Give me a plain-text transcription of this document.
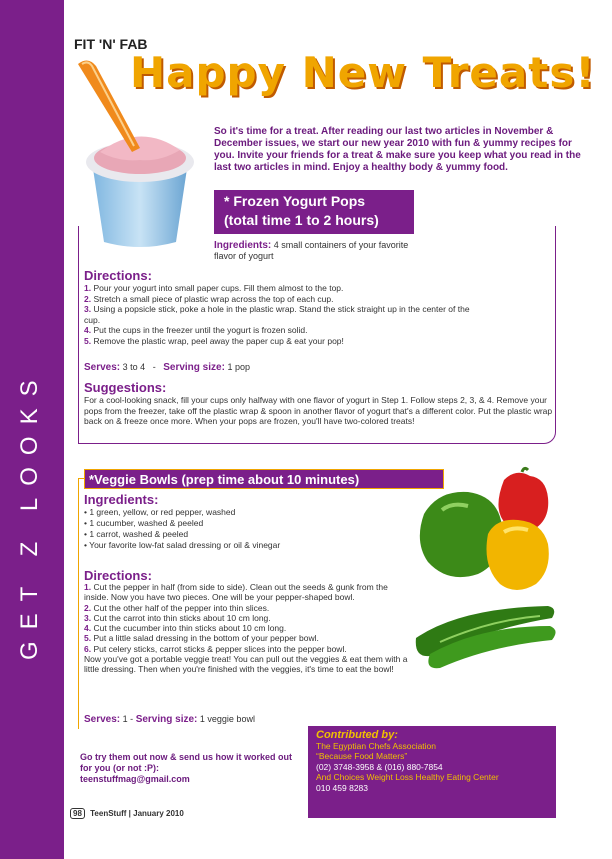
GET Z LOOKS
FIT 'N' FAB
Happy New Treats!
So it's time for a treat. After reading our last two articles in November & December issues, we start our new year 2010 with fun & yummy recipes for you. Invite your friends for a treat & make sure you keep what you read in the last two articles in mind. Enjoy a healthy body & yummy food.
* Frozen Yogurt Pops
(total time 1 to 2 hours)
Ingredients: 4 small containers of your favorite flavor of yogurt
Directions:
1. Pour your yogurt into small paper cups. Fill them almost to the top.
2. Stretch a small piece of plastic wrap across the top of each cup.
3. Using a popsicle stick, poke a hole in the plastic wrap. Stand the stick straight up in the center of the cup.
4. Put the cups in the freezer until the yogurt is frozen solid.
5. Remove the plastic wrap, peel away the paper cup & eat your pop!
Serves: 3 to 4 - Serving size: 1 pop
Suggestions:
For a cool-looking snack, fill your cups only halfway with one flavor of yogurt in Step 1. Follow steps 2, 3, & 4. Remove your pops from the freezer, take off the plastic wrap & spoon in another flavor of yogurt that's a different color. Put the plastic wrap back on & freeze once more. When your pops are frozen, you'll have two-colored treats!
*Veggie Bowls (prep time about 10 minutes)
Ingredients:
• 1 green, yellow, or red pepper, washed
• 1 cucumber, washed & peeled
• 1 carrot, washed & peeled
• Your favorite low-fat salad dressing or oil & vinegar
Directions:
1. Cut the pepper in half (from side to side). Clean out the seeds & gunk from the inside. Now you have two pieces. One will be your pepper-shaped bowl.
2. Cut the other half of the pepper into thin slices.
3. Cut the carrot into thin sticks about 10 cm long.
4. Cut the cucumber into thin sticks about 10 cm long.
5. Put a little salad dressing in the bottom of your pepper bowl.
6. Put celery sticks, carrot sticks & pepper slices into the pepper bowl.
Now you've got a portable veggie treat! You can pull out the veggies & eat them with a little dressing. Then when you're finished with the veggies, it's time to eat the bowl!
Serves: 1 - Serving size: 1 veggie bowl
Go try them out now & send us how it worked out for you (or not :P):
teenstuffmag@gmail.com
Contributed by:
The Egyptian Chefs Association
“Because Food Matters”
(02) 3748-3958 & (016) 880-7854
And Choices Weight Loss Healthy Eating Center
010 459 8283
98 TeenStuff | January 2010
